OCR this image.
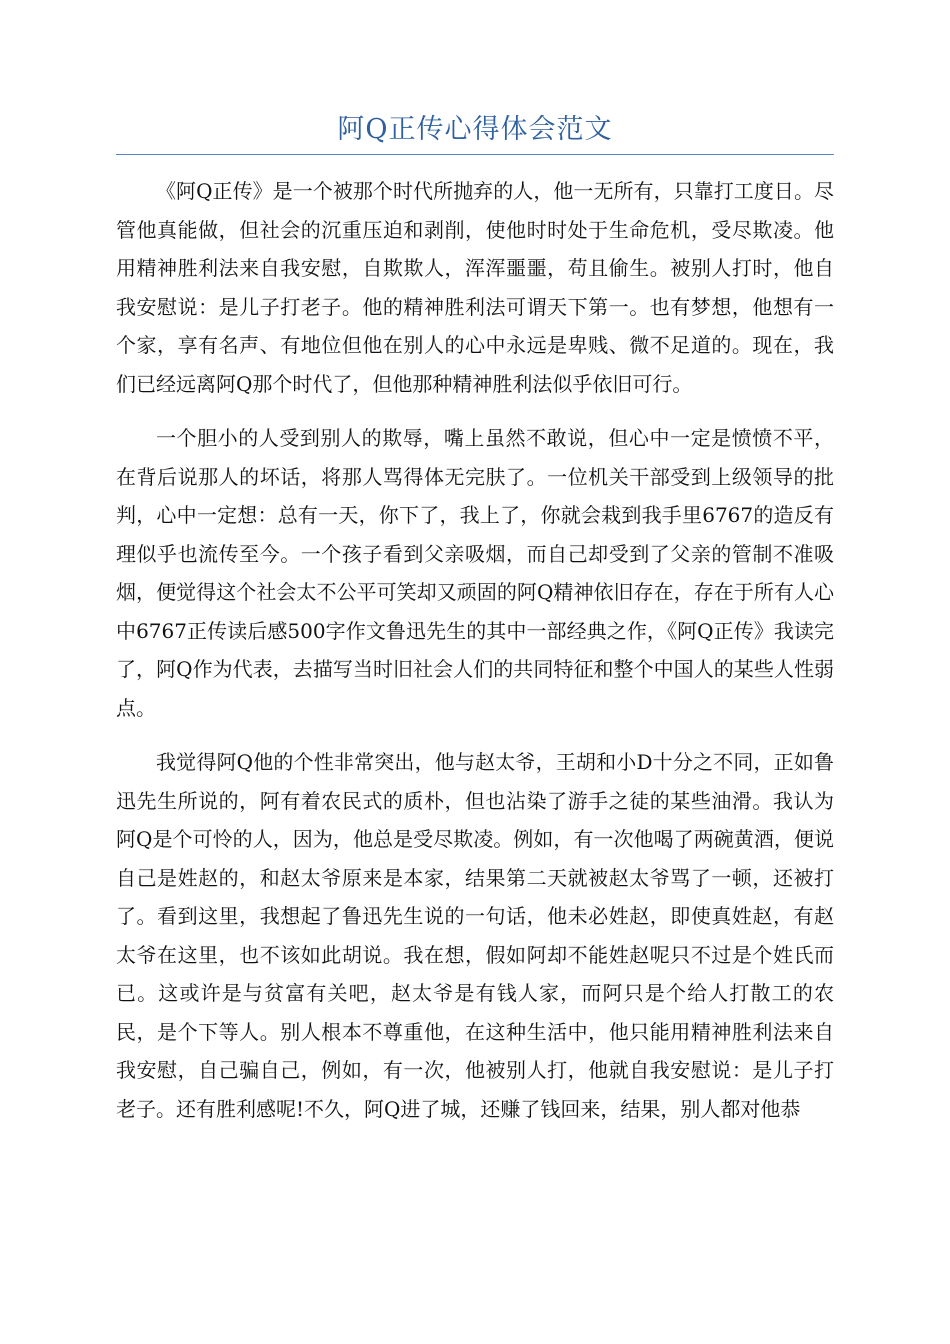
阿Q正传心得体会范文

《阿Q正传》是一个被那个时代所抛弃的人，他一无所有，只靠打工度日。尽管他真能做，但社会的沉重压迫和剥削，使他时时处于生命危机，受尽欺凌。他用精神胜利法来自我安慰，自欺欺人，浑浑噩噩，苟且偷生。被别人打时，他自我安慰说：是儿子打老子。他的精神胜利法可谓天下第一。也有梦想，他想有一个家，享有名声、有地位但他在别人的心中永远是卑贱、微不足道的。现在，我们已经远离阿Q那个时代了，但他那种精神胜利法似乎依旧可行。

一个胆小的人受到别人的欺辱，嘴上虽然不敢说，但心中一定是愤愤不平，在背后说那人的坏话，将那人骂得体无完肤了。一位机关干部受到上级领导的批判，心中一定想：总有一天，你下了，我上了，你就会栽到我手里6767的造反有理似乎也流传至今。一个孩子看到父亲吸烟，而自己却受到了父亲的管制不准吸烟，便觉得这个社会太不公平可笑却又顽固的阿Q精神依旧存在，存在于所有人心中6767正传读后感500字作文鲁迅先生的其中一部经典之作，《阿Q正传》我读完了，阿Q作为代表，去描写当时旧社会人们的共同特征和整个中国人的某些人性弱点。

我觉得阿Q他的个性非常突出，他与赵太爷，王胡和小D十分之不同，正如鲁迅先生所说的，阿有着农民式的质朴，但也沾染了游手之徒的某些油滑。我认为阿Q是个可怜的人，因为，他总是受尽欺凌。例如，有一次他喝了两碗黄酒，便说自己是姓赵的，和赵太爷原来是本家，结果第二天就被赵太爷骂了一顿，还被打了。看到这里，我想起了鲁迅先生说的一句话，他未必姓赵，即使真姓赵，有赵太爷在这里，也不该如此胡说。我在想，假如阿却不能姓赵呢只不过是个姓氏而已。这或许是与贫富有关吧，赵太爷是有钱人家，而阿只是个给人打散工的农民，是个下等人。别人根本不尊重他，在这种生活中，他只能用精神胜利法来自我安慰，自己骗自己，例如，有一次，他被别人打，他就自我安慰说：是儿子打老子。还有胜利感呢!不久，阿Q进了城，还赚了钱回来，结果，别人都对他恭
